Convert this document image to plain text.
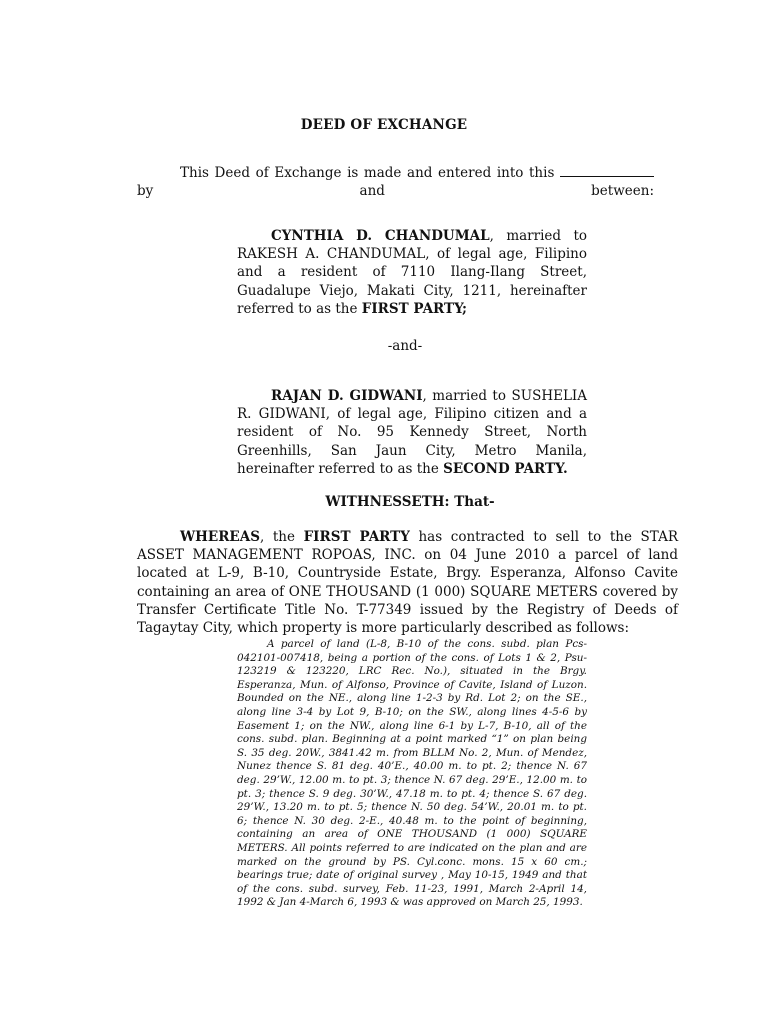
DEED OF EXCHANGE
This Deed of Exchange is made and entered into this  by and between:
CYNTHIA D. CHANDUMAL, married to RAKESH A. CHANDUMAL, of legal age, Filipino and a resident of 7110 Ilang-Ilang Street, Guadalupe Viejo, Makati City, 1211, hereinafter referred to as the FIRST PARTY;
-and-
RAJAN D. GIDWANI, married to SUSHELIA R. GIDWANI, of legal age, Filipino citizen and a resident of No. 95 Kennedy Street, North Greenhills, San Jaun City, Metro Manila, hereinafter referred to as the SECOND PARTY.
WITHNESSETH: That-
WHEREAS, the FIRST PARTY has contracted to sell to the STAR ASSET MANAGEMENT ROPOAS, INC. on 04 June 2010 a parcel of land located at L-9, B-10, Countryside Estate, Brgy. Esperanza, Alfonso Cavite containing an area of ONE THOUSAND (1 000) SQUARE METERS covered by Transfer Certificate Title No. T-77349 issued by the Registry of Deeds of Tagaytay City, which property is more particularly described as follows:
A parcel of land (L-8, B-10 of the cons. subd. plan Pcs-042101-007418, being a portion of the cons. of Lots 1 & 2, Psu-123219 & 123220, LRC Rec. No.), situated in the Brgy. Esperanza, Mun. of Alfonso, Province of Cavite, Island of Luzon. Bounded on the NE., along line 1-2-3 by Rd. Lot 2; on the SE., along line 3-4 by Lot 9, B-10; on the SW., along lines 4-5-6 by Easement 1; on the NW., along line 6-1 by L-7, B-10, all of the cons. subd. plan. Beginning at a point marked “1” on plan being S. 35 deg. 20W., 3841.42 m. from BLLM No. 2, Mun. of Mendez, Nunez thence S. 81 deg. 40’E., 40.00 m. to pt. 2; thence N. 67 deg. 29’W., 12.00 m. to pt. 3; thence N. 67 deg. 29’E., 12.00 m. to pt. 3; thence S. 9 deg. 30’W., 47.18 m. to pt. 4; thence S. 67 deg. 29’W., 13.20 m. to pt. 5; thence N. 50 deg. 54’W., 20.01 m. to pt. 6; thence N. 30 deg. 2-E., 40.48 m. to the point of beginning, containing an area of ONE THOUSAND (1 000) SQUARE METERS. All points referred to are indicated on the plan and are marked on the ground by PS. Cyl.conc. mons. 15 x 60 cm.; bearings true; date of original survey , May 10-15, 1949 and that of the cons. subd. survey, Feb. 11-23, 1991, March 2-April 14, 1992 & Jan 4-March 6, 1993 & was approved on March 25, 1993.
